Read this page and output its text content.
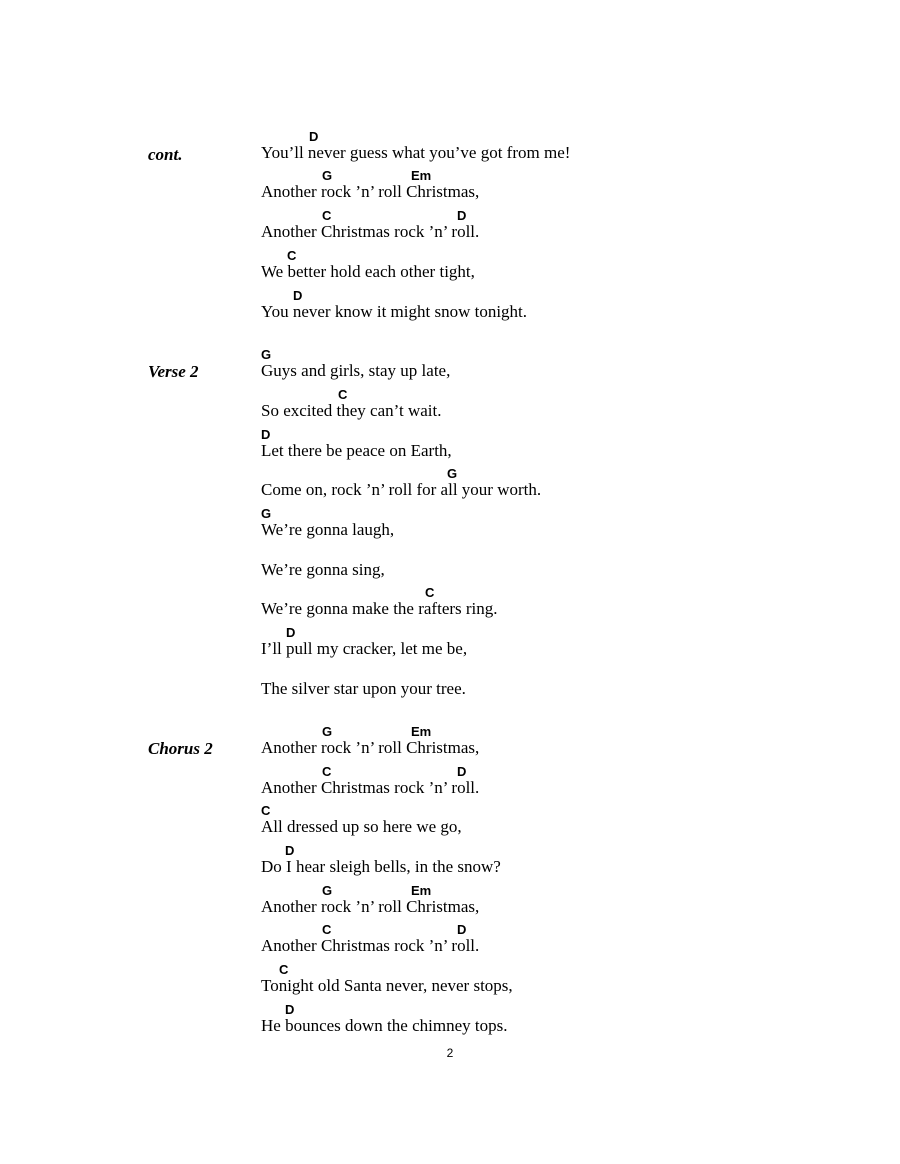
cont.
D
You’ll never guess what you’ve got from me!
G	Em
Another rock ’n’ roll Christmas,
C	D
Another Christmas rock ’n’ roll.
C
We better hold each other tight,
D
You never know it might snow tonight.
Verse 2
G
Guys and girls, stay up late,
C
So excited they can’t wait.
D
Let there be peace on Earth,
G
Come on, rock ’n’ roll for all your worth.
G
We’re gonna laugh,
We’re gonna sing,
C
We’re gonna make the rafters ring.
D
I’ll pull my cracker, let me be,
The silver star upon your tree.
Chorus 2
G	Em
Another rock ’n’ roll Christmas,
C	D
Another Christmas rock ’n’ roll.
C
All dressed up so here we go,
D
Do I hear sleigh bells, in the snow?
G	Em
Another rock ’n’ roll Christmas,
C	D
Another Christmas rock ’n’ roll.
C
Tonight old Santa never, never stops,
D
He bounces down the chimney tops.
2
